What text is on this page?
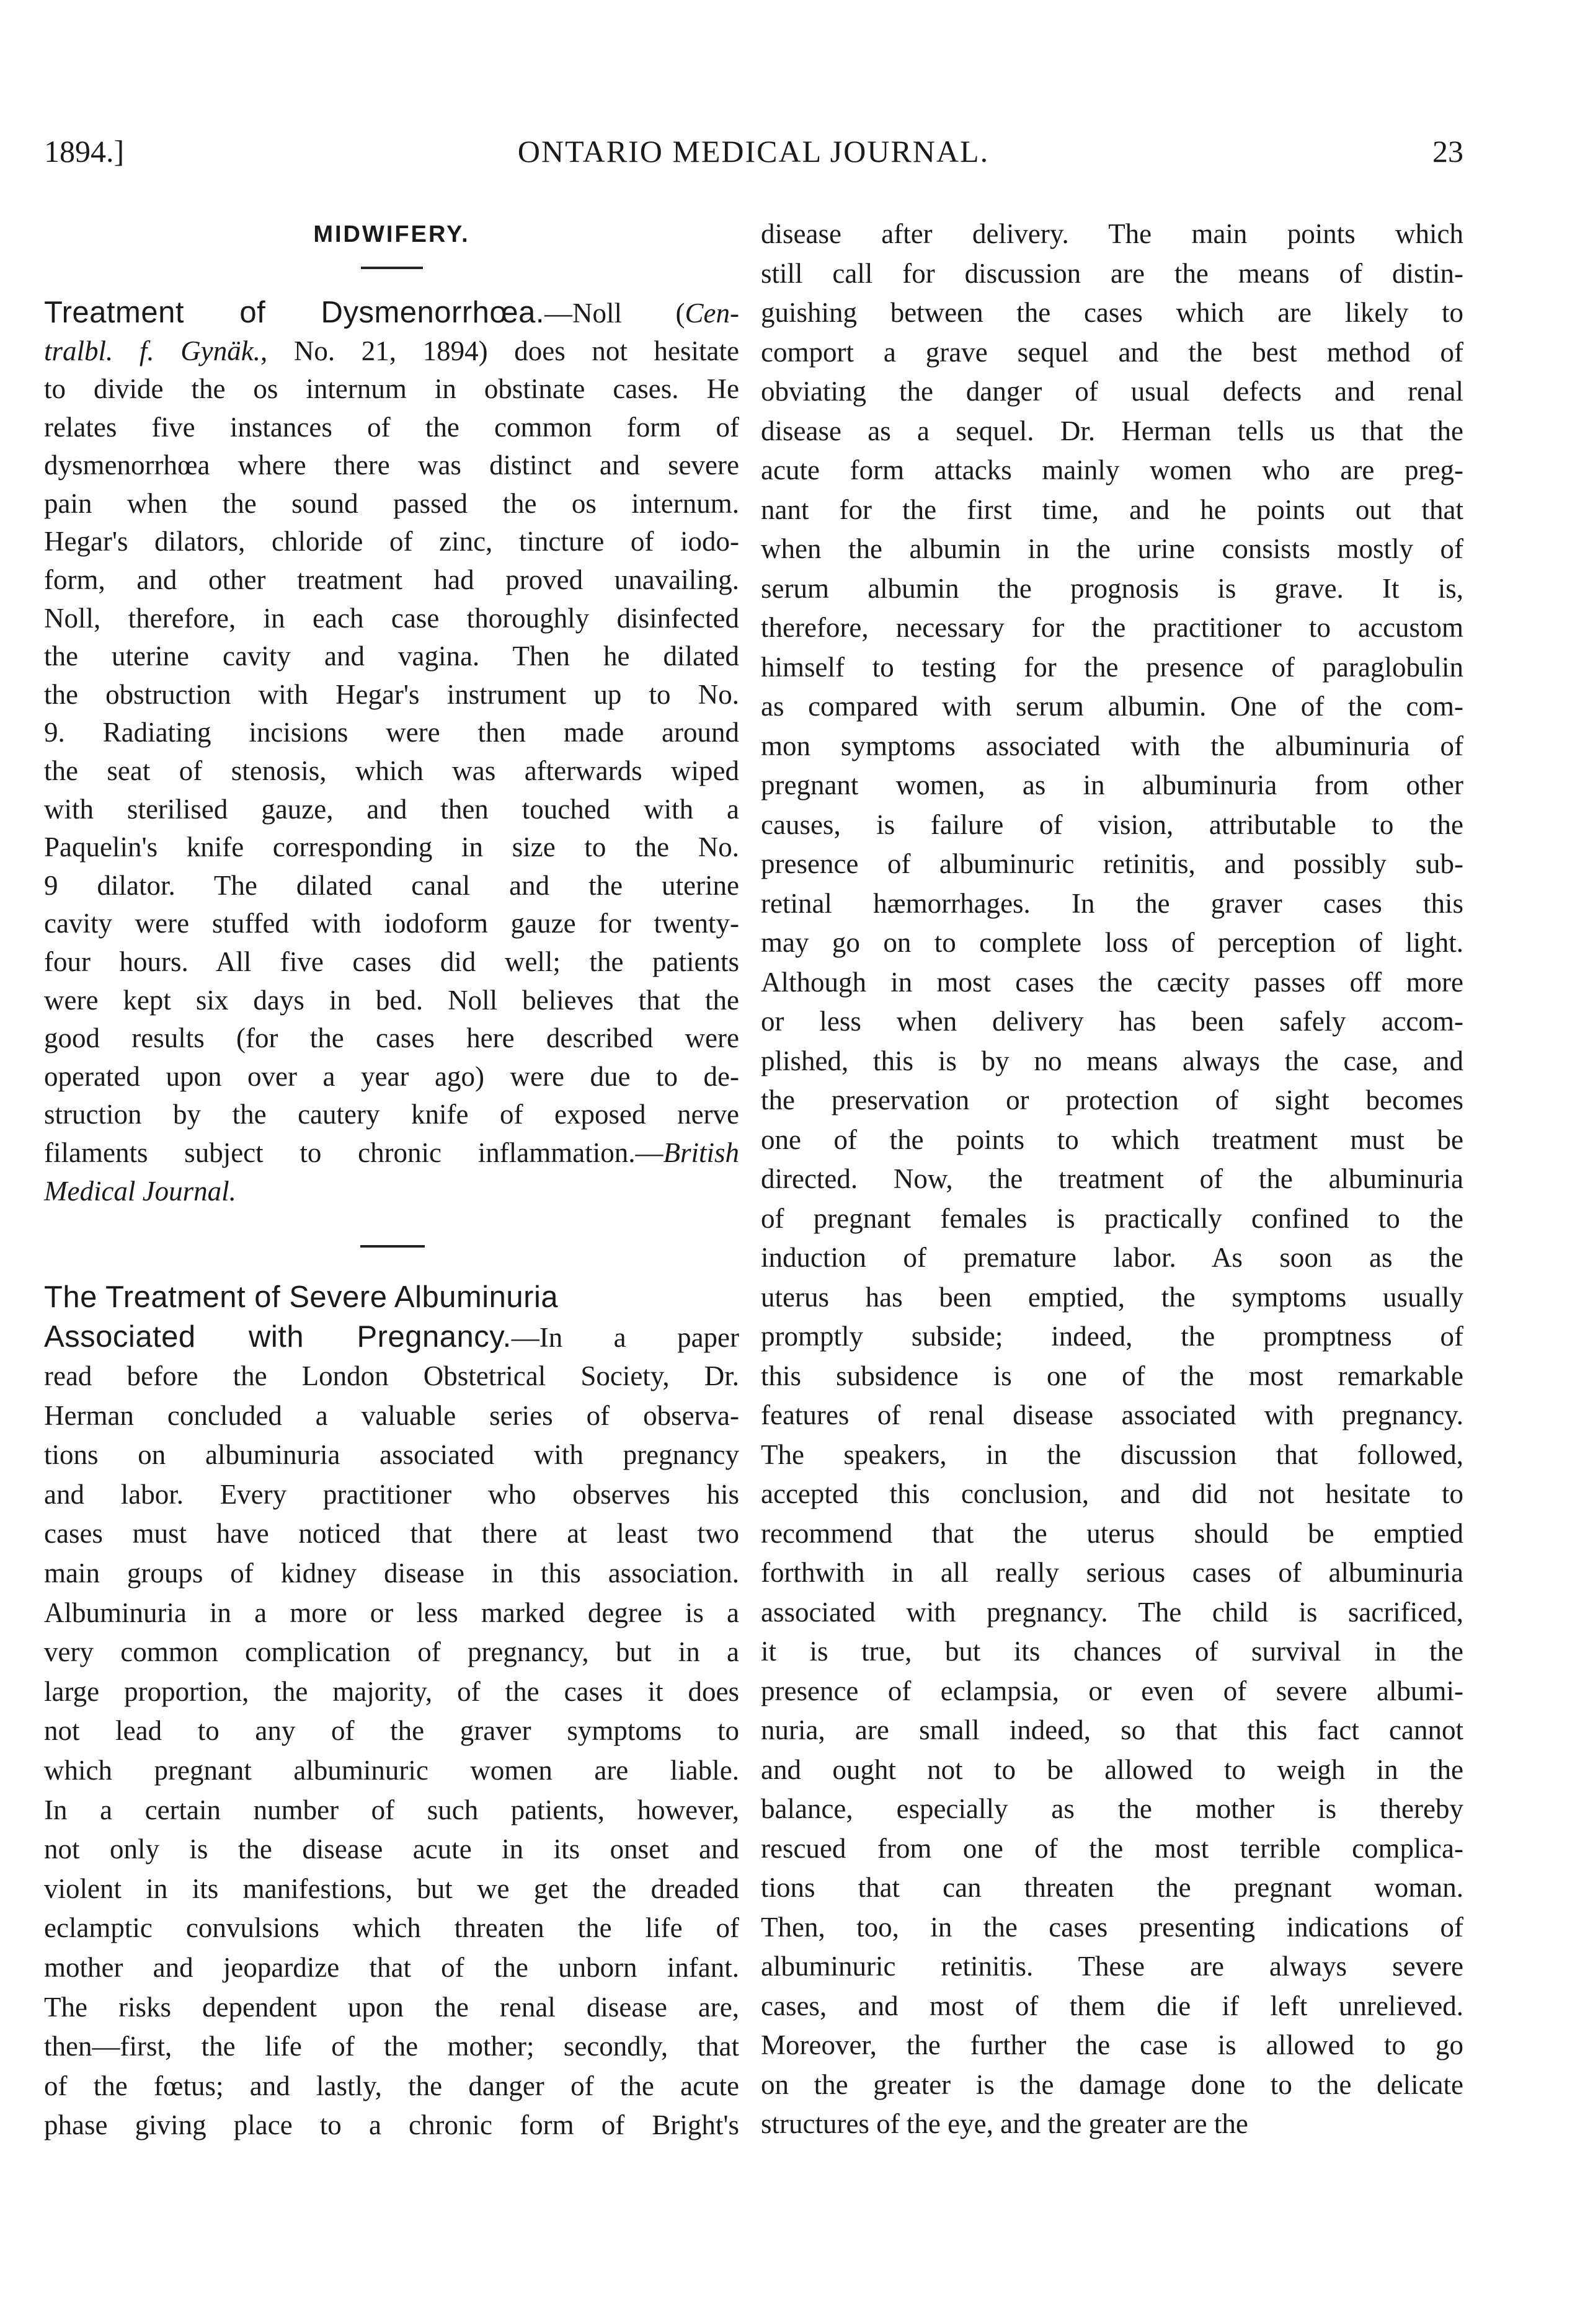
1894.]	ONTARIO MEDICAL JOURNAL.	23
MIDWIFERY.
Treatment of Dysmenorrhœa.—Noll (Cen-
tralbl. f. Gynäk., No. 21, 1894) does not hesitate
filaments subject to chronic inflammation.—British
Medical Journal.
The Treatment of Severe Albuminuria
Associated with Pregnancy.—In a paper
to divide the os internum in obstinate cases. He
relates five instances of the common form of
dysmenorrhœa where there was distinct and severe
pain when the sound passed the os internum.
Hegar's dilators, chloride of zinc, tincture of iodo-
form, and other treatment had proved unavailing.
Noll, therefore, in each case thoroughly disinfected
the uterine cavity and vagina. Then he dilated
the obstruction with Hegar's instrument up to No.
9. Radiating incisions were then made around
the seat of stenosis, which was afterwards wiped
with sterilised gauze, and then touched with a
Paquelin's knife corresponding in size to the No.
9 dilator. The dilated canal and the uterine
cavity were stuffed with iodoform gauze for twenty-
four hours. All five cases did well; the patients
were kept six days in bed. Noll believes that the
good results (for the cases here described were
operated upon over a year ago) were due to de-
struction by the cautery knife of exposed nerve
read before the London Obstetrical Society, Dr.
Herman concluded a valuable series of observa-
tions on albuminuria associated with pregnancy
and labor. Every practitioner who observes his
cases must have noticed that there at least two
main groups of kidney disease in this association.
Albuminuria in a more or less marked degree is a
very common complication of pregnancy, but in a
large proportion, the majority, of the cases it does
not lead to any of the graver symptoms to
which pregnant albuminuric women are liable.
In a certain number of such patients, however,
not only is the disease acute in its onset and
violent in its manifestions, but we get the dreaded
eclamptic convulsions which threaten the life of
mother and jeopardize that of the unborn infant.
The risks dependent upon the renal disease are,
then—first, the life of the mother; secondly, that
of the fœtus; and lastly, the danger of the acute
phase giving place to a chronic form of Bright's
disease after delivery. The main points which
still call for discussion are the means of distin-
guishing between the cases which are likely to
comport a grave sequel and the best method of
obviating the danger of usual defects and renal
disease as a sequel. Dr. Herman tells us that the
acute form attacks mainly women who are preg-
nant for the first time, and he points out that
when the albumin in the urine consists mostly of
serum albumin the prognosis is grave. It is,
therefore, necessary for the practitioner to accustom
himself to testing for the presence of paraglobulin
as compared with serum albumin. One of the com-
mon symptoms associated with the albuminuria of
pregnant women, as in albuminuria from other
causes, is failure of vision, attributable to the
presence of albuminuric retinitis, and possibly sub-
retinal hæmorrhages. In the graver cases this
may go on to complete loss of perception of light.
Although in most cases the cæcity passes off more
or less when delivery has been safely accom-
plished, this is by no means always the case, and
the preservation or protection of sight becomes
one of the points to which treatment must be
directed. Now, the treatment of the albuminuria
of pregnant females is practically confined to the
induction of premature labor. As soon as the
uterus has been emptied, the symptoms usually
promptly subside; indeed, the promptness of
this subsidence is one of the most remarkable
features of renal disease associated with pregnancy.
The speakers, in the discussion that followed,
accepted this conclusion, and did not hesitate to
recommend that the uterus should be emptied
forthwith in all really serious cases of albuminuria
associated with pregnancy. The child is sacrificed,
it is true, but its chances of survival in the
presence of eclampsia, or even of severe albumi-
nuria, are small indeed, so that this fact cannot
and ought not to be allowed to weigh in the
balance, especially as the mother is thereby
rescued from one of the most terrible complica-
tions that can threaten the pregnant woman.
Then, too, in the cases presenting indications of
albuminuric retinitis. These are always severe
cases, and most of them die if left unrelieved.
Moreover, the further the case is allowed to go
on the greater is the damage done to the delicate
structures of the eye, and the greater are the
